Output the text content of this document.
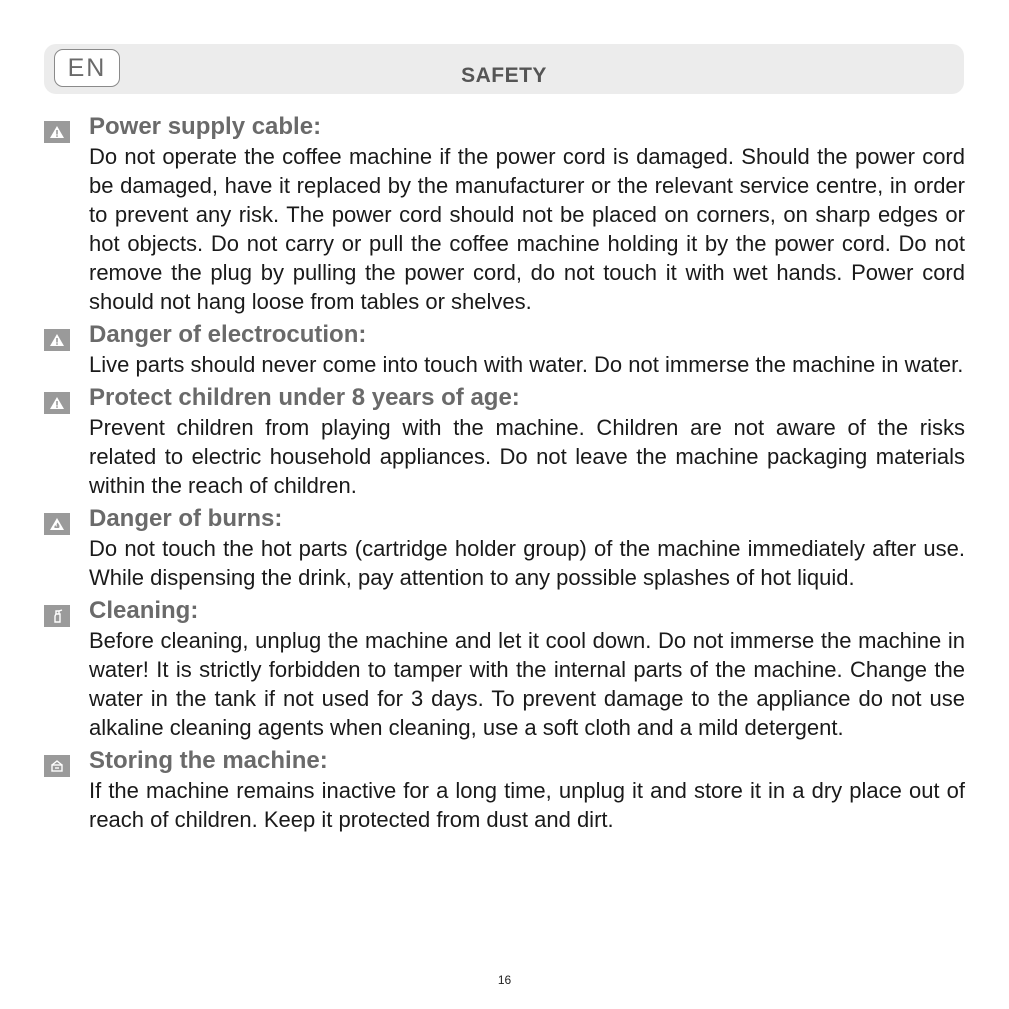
EN	SAFETY
Power supply cable:

Do not operate the coffee machine if the power cord is damaged. Should the power cord be damaged, have it replaced by the manufacturer or the relevant service centre, in order to prevent any risk. The power cord should not be placed on corners, on sharp edges or hot objects. Do not carry or pull the coffee machine holding it by the power cord. Do not remove the plug by pulling the power cord, do not touch it with wet hands. Power cord should not hang loose from tables or shelves.

Danger of electrocution:

Live parts should never come into touch with water. Do not immerse the machine in water.

Protect children under 8 years of age:

Prevent children from playing with the machine. Children are not aware of the risks related to electric household appliances. Do not leave the machine packaging materials within the reach of children.

Danger of burns:

Do not touch the hot parts (cartridge holder group) of the machine immediately after use. While dispensing the drink, pay attention to any possible splashes of hot liquid.

Cleaning:

Before cleaning, unplug the machine and let it cool down. Do not immerse the machine in water! It is strictly forbidden to tamper with the internal parts of the machine. Change the water in the tank if not used for 3 days. To prevent damage to the appliance do not use alkaline cleaning agents when cleaning, use a soft cloth and a mild detergent.

Storing the machine:

If the machine remains inactive for a long time, unplug it and store it in a dry place out of reach of children. Keep it protected from dust and dirt.

16
